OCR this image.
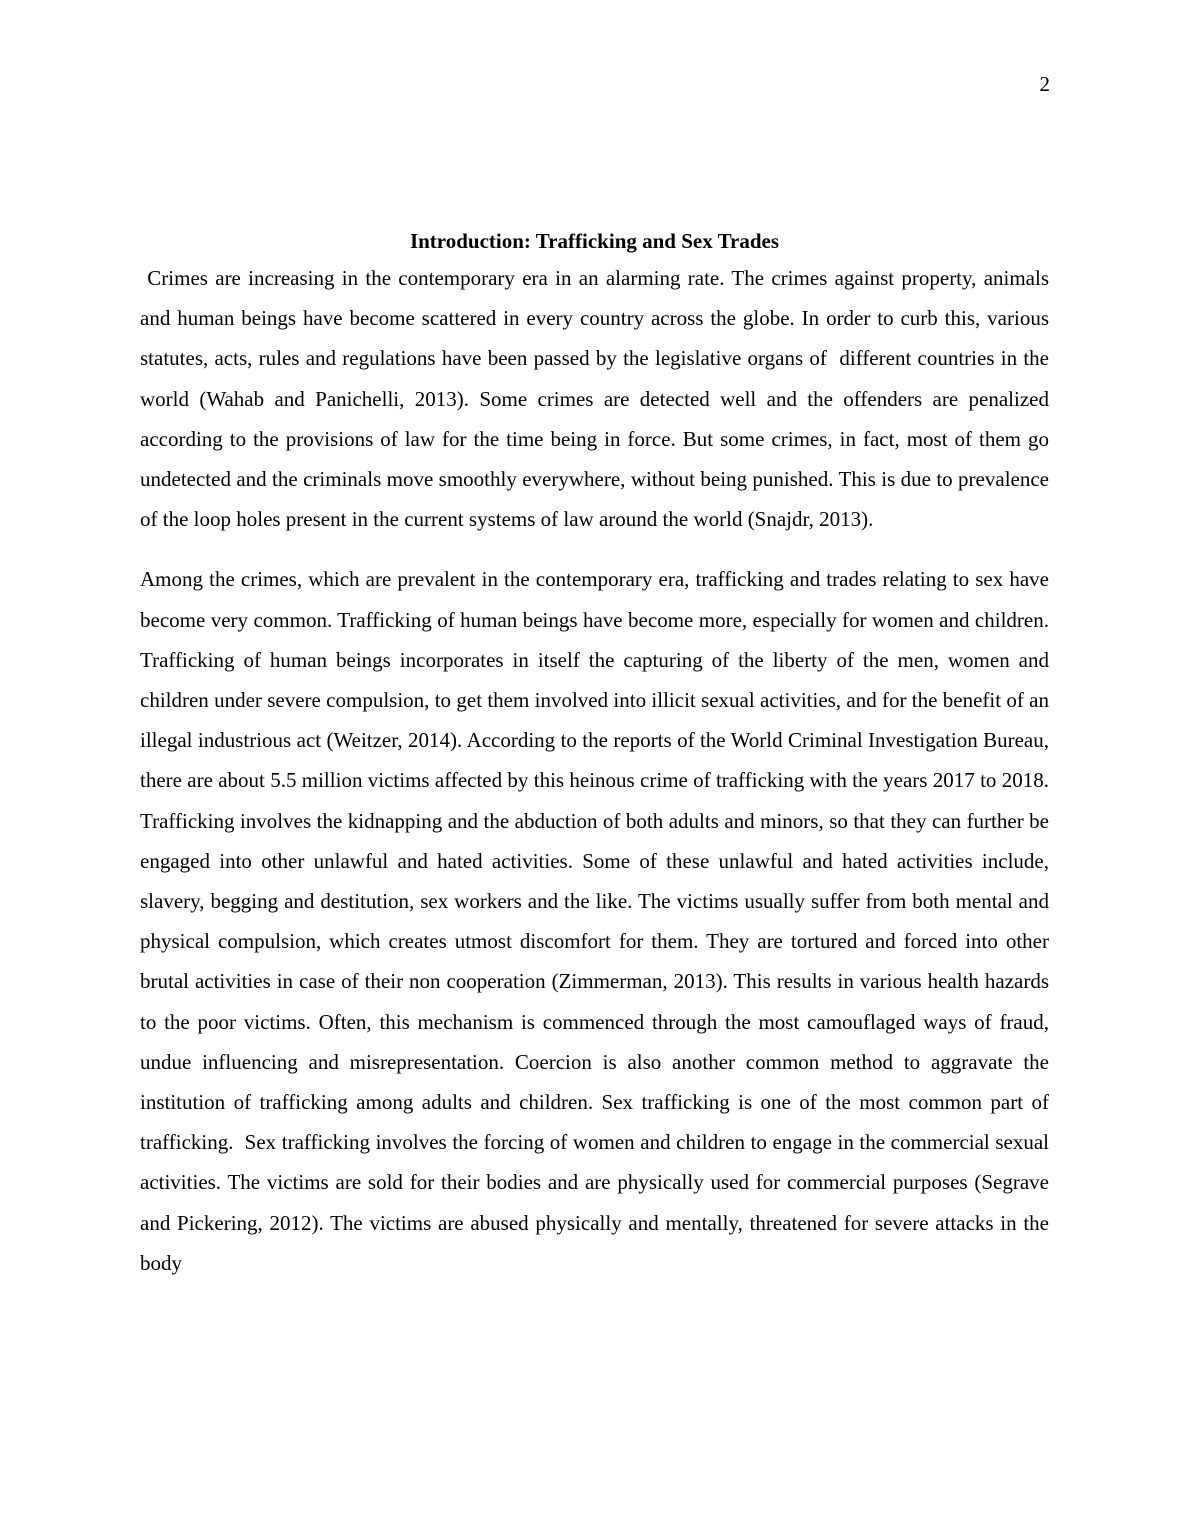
2
Introduction: Trafficking and Sex Trades

Crimes are increasing in the contemporary era in an alarming rate. The crimes against property, animals and human beings have become scattered in every country across the globe. In order to curb this, various statutes, acts, rules and regulations have been passed by the legislative organs of  different countries in the world (Wahab and Panichelli, 2013). Some crimes are detected well and the offenders are penalized according to the provisions of law for the time being in force. But some crimes, in fact, most of them go undetected and the criminals move smoothly everywhere, without being punished. This is due to prevalence of the loop holes present in the current systems of law around the world (Snajdr, 2013).

Among the crimes, which are prevalent in the contemporary era, trafficking and trades relating to sex have become very common. Trafficking of human beings have become more, especially for women and children. Trafficking of human beings incorporates in itself the capturing of the liberty of the men, women and children under severe compulsion, to get them involved into illicit sexual activities, and for the benefit of an illegal industrious act (Weitzer, 2014). According to the reports of the World Criminal Investigation Bureau, there are about 5.5 million victims affected by this heinous crime of trafficking with the years 2017 to 2018. Trafficking involves the kidnapping and the abduction of both adults and minors, so that they can further be engaged into other unlawful and hated activities. Some of these unlawful and hated activities include, slavery, begging and destitution, sex workers and the like. The victims usually suffer from both mental and physical compulsion, which creates utmost discomfort for them. They are tortured and forced into other brutal activities in case of their non cooperation (Zimmerman, 2013). This results in various health hazards to the poor victims. Often, this mechanism is commenced through the most camouflaged ways of fraud, undue influencing and misrepresentation. Coercion is also another common method to aggravate the institution of trafficking among adults and children. Sex trafficking is one of the most common part of trafficking.  Sex trafficking involves the forcing of women and children to engage in the commercial sexual activities. The victims are sold for their bodies and are physically used for commercial purposes (Segrave and Pickering, 2012). The victims are abused physically and mentally, threatened for severe attacks in the body
